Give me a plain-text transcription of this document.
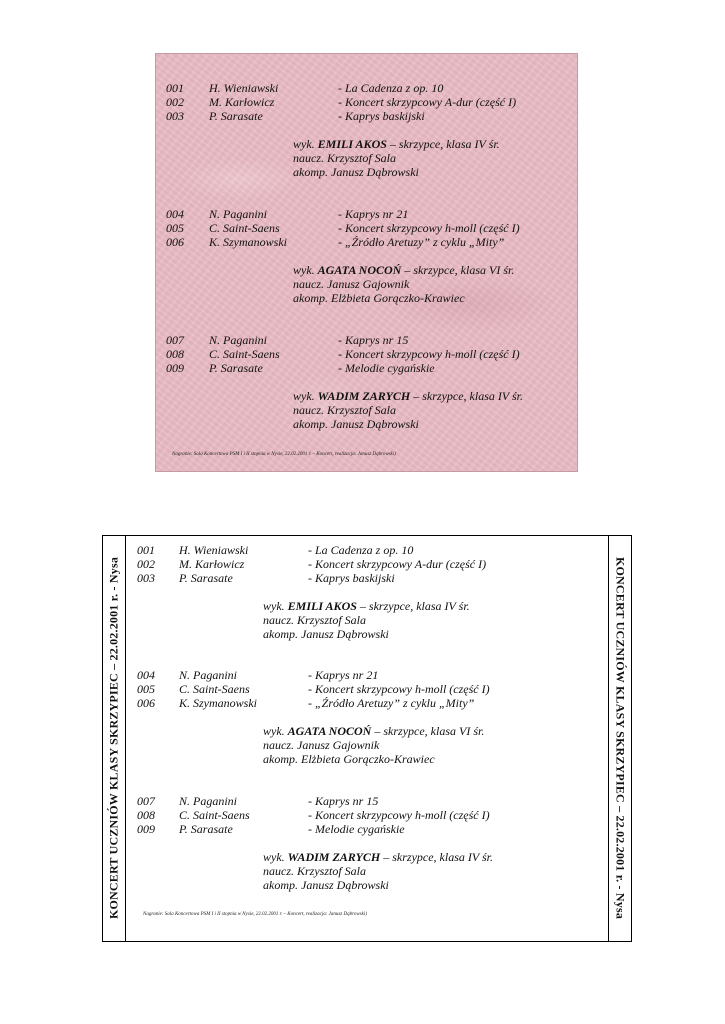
001 H. Wieniawski	- La Cadenza z op. 10
002 M. Karłowicz	- Koncert skrzypcowy A-dur (część I)
003 P. Sarasate	- Kaprys baskijski
wyk. EMILI AKOS – skrzypce, klasa IV śr.
naucz. Krzysztof Sala
akomp. Janusz Dąbrowski
004 N. Paganini	- Kaprys nr 21
005 C. Saint-Saens	- Koncert skrzypcowy h-moll (część I)
006 K. Szymanowski	- „Źródło Aretuzy” z cyklu „Mity”
wyk. AGATA NOCOŃ – skrzypce, klasa VI śr.
naucz. Janusz Gajownik
akomp. Elżbieta Gorączko-Krawiec
007 N. Paganini	- Kaprys nr 15
008 C. Saint-Saens	- Koncert skrzypcowy h-moll (część I)
009 P. Sarasate	- Melodie cygańskie
wyk. WADIM ZARYCH – skrzypce, klasa IV śr.
naucz. Krzysztof Sala
akomp. Janusz Dąbrowski
Nagranie: Sala Koncertowa PSM I i II stopnia w Nysie, 22.02.2001 r. – Koncert, realizacja: Janusz Dąbrowski)
KONCERT UCZNIÓW KLASY SKRZYPIEC – 22.02.2001 r. - Nysa	KONCERT UCZNIÓW KLASY SKRZYPIEC – 22.02.2001 r. - Nysa
001 H. Wieniawski	- La Cadenza z op. 10
002 M. Karłowicz	- Koncert skrzypcowy A-dur (część I)
003 P. Sarasate	- Kaprys baskijski
wyk. EMILI AKOS – skrzypce, klasa IV śr.
naucz. Krzysztof Sala
akomp. Janusz Dąbrowski
004 N. Paganini	- Kaprys nr 21
005 C. Saint-Saens	- Koncert skrzypcowy h-moll (część I)
006 K. Szymanowski	- „Źródło Aretuzy” z cyklu „Mity”
wyk. AGATA NOCOŃ – skrzypce, klasa VI śr.
naucz. Janusz Gajownik
akomp. Elżbieta Gorączko-Krawiec
007 N. Paganini	- Kaprys nr 15
008 C. Saint-Saens	- Koncert skrzypcowy h-moll (część I)
009 P. Sarasate	- Melodie cygańskie
wyk. WADIM ZARYCH – skrzypce, klasa IV śr.
naucz. Krzysztof Sala
akomp. Janusz Dąbrowski
Nagranie: Sala Koncertowa PSM I i II stopnia w Nysie, 22.02.2001 r. – Koncert, realizacja: Janusz Dąbrowski)
